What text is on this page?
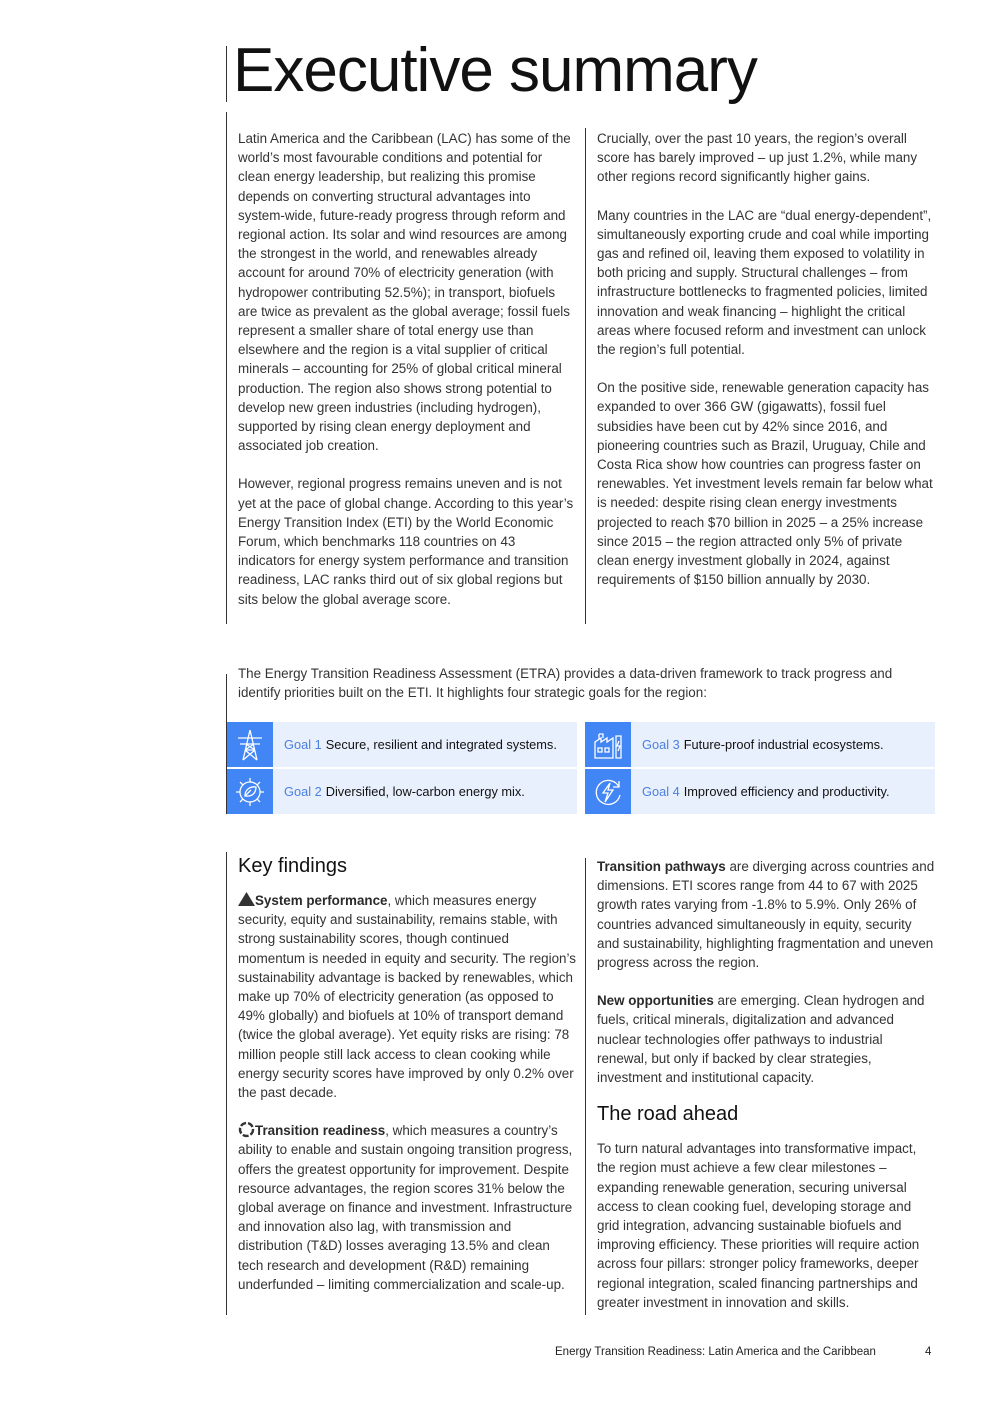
Executive summary

Latin America and the Caribbean (LAC) has some of the world’s most favourable conditions and potential for clean energy leadership, but realizing this promise depends on converting structural advantages into system-wide, future-ready progress through reform and regional action. Its solar and wind resources are among the strongest in the world, and renewables already account for around 70% of electricity generation (with hydropower contributing 52.5%); in transport, biofuels are twice as prevalent as the global average; fossil fuels represent a smaller share of total energy use than elsewhere and the region is a vital supplier of critical minerals – accounting for 25% of global critical mineral production. The region also shows strong potential to develop new green industries (including hydrogen), supported by rising clean energy deployment and associated job creation.

However, regional progress remains uneven and is not yet at the pace of global change. According to this year’s Energy Transition Index (ETI) by the World Economic Forum, which benchmarks 118 countries on 43 indicators for energy system performance and transition readiness, LAC ranks third out of six global regions but sits below the global average score.

Crucially, over the past 10 years, the region’s overall score has barely improved – up just 1.2%, while many other regions record significantly higher gains.

Many countries in the LAC are “dual energy-dependent”, simultaneously exporting crude and coal while importing gas and refined oil, leaving them exposed to volatility in both pricing and supply. Structural challenges – from infrastructure bottlenecks to fragmented policies, limited innovation and weak financing – highlight the critical areas where focused reform and investment can unlock the region’s full potential.

On the positive side, renewable generation capacity has expanded to over 366 GW (gigawatts), fossil fuel subsidies have been cut by 42% since 2016, and pioneering countries such as Brazil, Uruguay, Chile and Costa Rica show how countries can progress faster on renewables. Yet investment levels remain far below what is needed: despite rising clean energy investments projected to reach $70 billion in 2025 – a 25% increase since 2015 – the region attracted only 5% of private clean energy investment globally in 2024, against requirements of $150 billion annually by 2030.

The Energy Transition Readiness Assessment (ETRA) provides a data-driven framework to track progress and identify priorities built on the ETI. It highlights four strategic goals for the region:

Goal 1 Secure, resilient and integrated systems.
Goal 2 Diversified, low-carbon energy mix.
Goal 3 Future-proof industrial ecosystems.
Goal 4 Improved efficiency and productivity.
Key findings

System performance, which measures energy security, equity and sustainability, remains stable, with strong sustainability scores, though continued momentum is needed in equity and security. The region’s sustainability advantage is backed by renewables, which make up 70% of electricity generation (as opposed to 49% globally) and biofuels at 10% of transport demand (twice the global average). Yet equity risks are rising: 78 million people still lack access to clean cooking while energy security scores have improved by only 0.2% over the past decade.

Transition readiness, which measures a country’s ability to enable and sustain ongoing transition progress, offers the greatest opportunity for improvement. Despite resource advantages, the region scores 31% below the global average on finance and investment. Infrastructure and innovation also lag, with transmission and distribution (T&D) losses averaging 13.5% and clean tech research and development (R&D) remaining underfunded – limiting commercialization and scale-up.

Transition pathways are diverging across countries and dimensions. ETI scores range from 44 to 67 with 2025 growth rates varying from -1.8% to 5.9%. Only 26% of countries advanced simultaneously in equity, security and sustainability, highlighting fragmentation and uneven progress across the region.

New opportunities are emerging. Clean hydrogen and fuels, critical minerals, digitalization and advanced nuclear technologies offer pathways to industrial renewal, but only if backed by clear strategies, investment and institutional capacity.

The road ahead

To turn natural advantages into transformative impact, the region must achieve a few clear milestones – expanding renewable generation, securing universal access to clean cooking fuel, developing storage and grid integration, advancing sustainable biofuels and improving efficiency. These priorities will require action across four pillars: stronger policy frameworks, deeper regional integration, scaled financing partnerships and greater investment in innovation and skills.

Energy Transition Readiness: Latin America and the Caribbean	4
